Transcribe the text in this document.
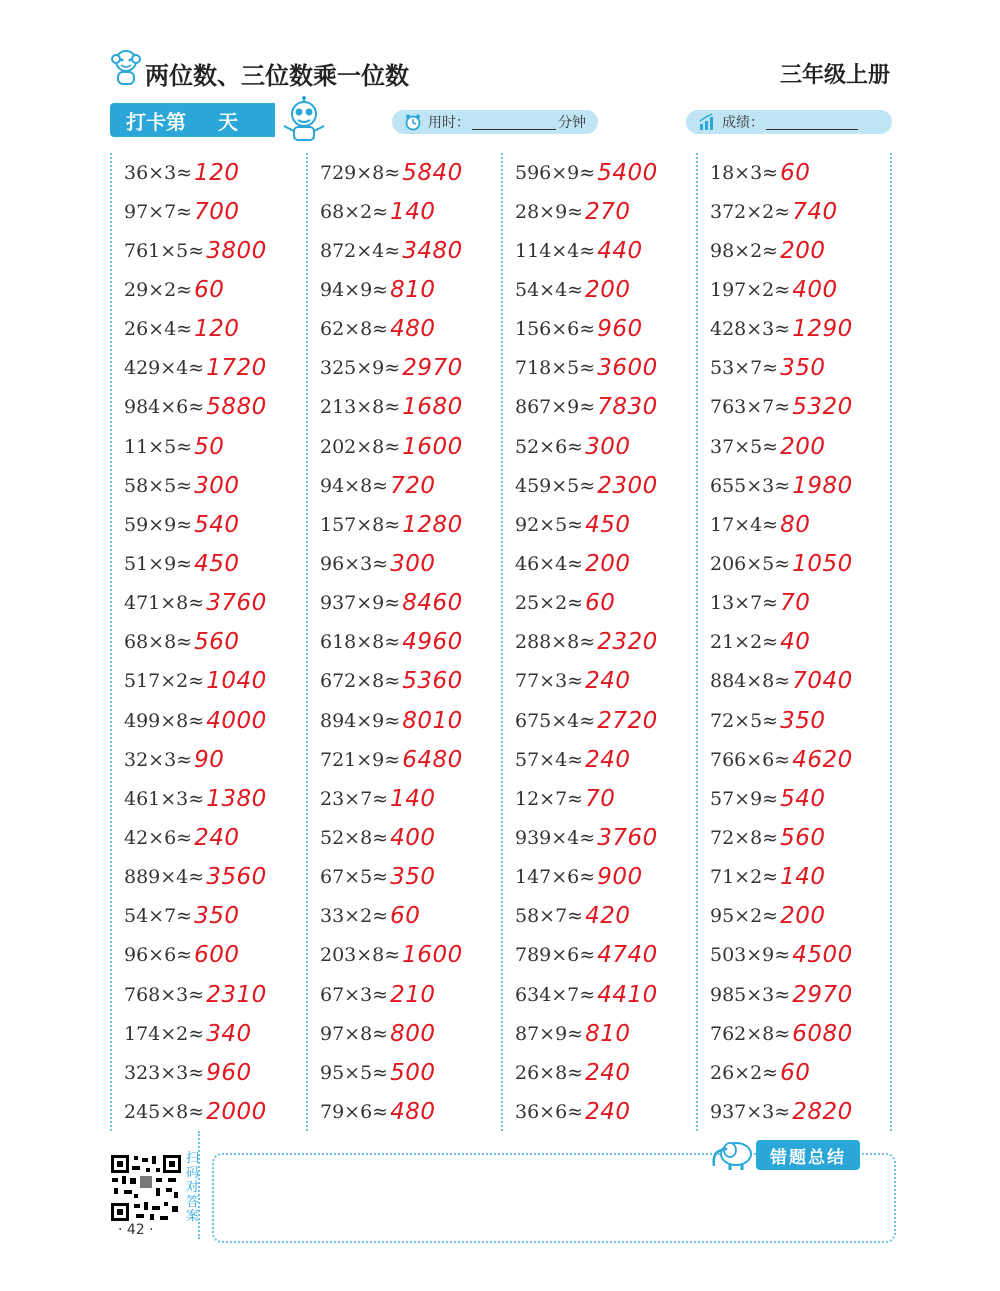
两位数、三位数乘一位数	三年级上册
打卡第 天	用时：	分钟	成绩：
36×3≈ 120
97×7≈ 700
761×5≈ 3800
29×2≈ 60
26×4≈ 120
429×4≈ 1720
984×6≈ 5880
11×5≈ 50
58×5≈ 300
59×9≈ 540
51×9≈ 450
471×8≈ 3760
68×8≈ 560
517×2≈ 1040
499×8≈ 4000
32×3≈ 90
461×3≈ 1380
42×6≈ 240
889×4≈ 3560
54×7≈ 350
96×6≈ 600
768×3≈ 2310
174×2≈ 340
323×3≈ 960
245×8≈ 2000
729×8≈ 5840
68×2≈ 140
872×4≈ 3480
94×9≈ 810
62×8≈ 480
325×9≈ 2970
213×8≈ 1680
202×8≈ 1600
94×8≈ 720
157×8≈ 1280
96×3≈ 300
937×9≈ 8460
618×8≈ 4960
672×8≈ 5360
894×9≈ 8010
721×9≈ 6480
23×7≈ 140
52×8≈ 400
67×5≈ 350
33×2≈ 60
203×8≈ 1600
67×3≈ 210
97×8≈ 800
95×5≈ 500
79×6≈ 480
596×9≈ 5400
28×9≈ 270
114×4≈ 440
54×4≈ 200
156×6≈ 960
718×5≈ 3600
867×9≈ 7830
52×6≈ 300
459×5≈ 2300
92×5≈ 450
46×4≈ 200
25×2≈ 60
288×8≈ 2320
77×3≈ 240
675×4≈ 2720
57×4≈ 240
12×7≈ 70
939×4≈ 3760
147×6≈ 900
58×7≈ 420
789×6≈ 4740
634×7≈ 4410
87×9≈ 810
26×8≈ 240
36×6≈ 240
18×3≈ 60
372×2≈ 740
98×2≈ 200
197×2≈ 400
428×3≈ 1290
53×7≈ 350
763×7≈ 5320
37×5≈ 200
655×3≈ 1980
17×4≈ 80
206×5≈ 1050
13×7≈ 70
21×2≈ 40
884×8≈ 7040
72×5≈ 350
766×6≈ 4620
57×9≈ 540
72×8≈ 560
71×2≈ 140
95×2≈ 200
503×9≈ 4500
985×3≈ 2970
762×8≈ 6080
26×2≈ 60
937×3≈ 2820
错题总结
扫码对答案
· 42 ·
